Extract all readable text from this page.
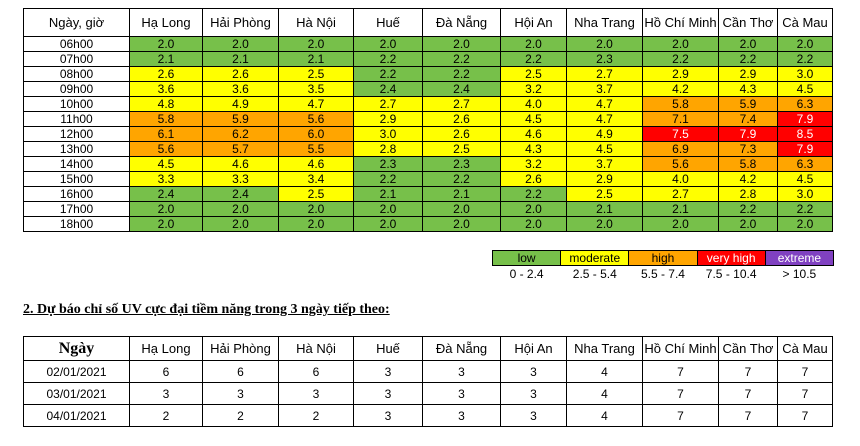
Ngày, giờ	Hạ Long	Hải Phòng	Hà Nội	Huế	Đà Nẵng	Hội An	Nha Trang	Hồ Chí Minh	Cần Thơ	Cà Mau
06h00	2.0	2.0	2.0	2.0	2.0	2.0	2.0	2.0	2.0	2.0
07h00	2.1	2.1	2.1	2.2	2.2	2.2	2.3	2.2	2.2	2.2
08h00	2.6	2.6	2.5	2.2	2.2	2.5	2.7	2.9	2.9	3.0
09h00	3.6	3.6	3.5	2.4	2.4	3.2	3.7	4.2	4.3	4.5
10h00	4.8	4.9	4.7	2.7	2.7	4.0	4.7	5.8	5.9	6.3
11h00	5.8	5.9	5.6	2.9	2.6	4.5	4.7	7.1	7.4	7.9
12h00	6.1	6.2	6.0	3.0	2.6	4.6	4.9	7.5	7.9	8.5
13h00	5.6	5.7	5.5	2.8	2.5	4.3	4.5	6.9	7.3	7.9
14h00	4.5	4.6	4.6	2.3	2.3	3.2	3.7	5.6	5.8	6.3
15h00	3.3	3.3	3.4	2.2	2.2	2.6	2.9	4.0	4.2	4.5
16h00	2.4	2.4	2.5	2.1	2.1	2.2	2.5	2.7	2.8	3.0
17h00	2.0	2.0	2.0	2.0	2.0	2.0	2.1	2.1	2.2	2.2
18h00	2.0	2.0	2.0	2.0	2.0	2.0	2.0	2.0	2.0	2.0
low	moderate	high	very high	extreme
0 - 2.4	2.5 - 5.4	5.5 - 7.4	7.5 - 10.4	> 10.5
2. Dự báo chỉ số UV cực đại tiềm năng trong 3 ngày tiếp theo:
Ngày	Hạ Long	Hải Phòng	Hà Nội	Huế	Đà Nẵng	Hội An	Nha Trang	Hồ Chí Minh	Cần Thơ	Cà Mau
02/01/2021	6	6	6	3	3	3	4	7	7	7
03/01/2021	3	3	3	3	3	3	4	7	7	7
04/01/2021	2	2	2	3	3	3	4	7	7	7
